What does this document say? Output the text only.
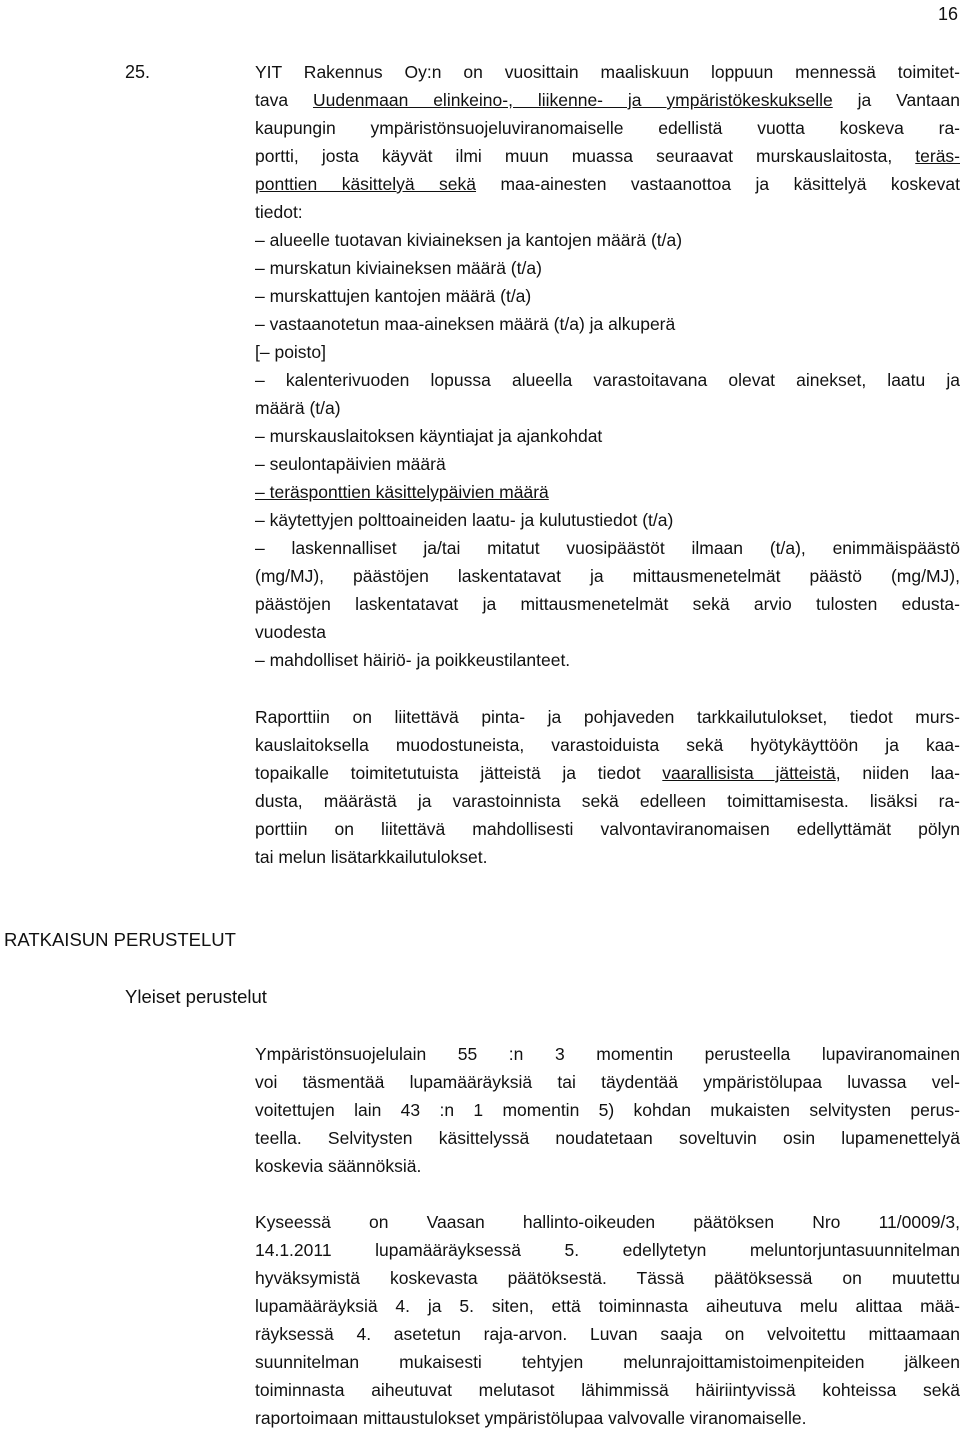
16
25.	YIT Rakennus Oy:n on vuosittain maaliskuun loppuun mennessä toimitet-
tava Uudenmaan elinkeino-, liikenne- ja ympäristökeskukselle ja Vantaan
kaupungin ympäristönsuojeluviranomaiselle edellistä vuotta koskeva ra-
portti, josta käyvät ilmi muun muassa seuraavat murskauslaitosta, teräs-
ponttien käsittelyä sekä maa-ainesten vastaanottoa ja käsittelyä koskevat
tiedot:
– alueelle tuotavan kiviaineksen ja kantojen määrä (t/a)
– murskatun kiviaineksen määrä (t/a)
– murskattujen kantojen määrä (t/a)
– vastaanotetun maa-aineksen määrä (t/a) ja alkuperä
[– poisto]
– kalenterivuoden lopussa alueella varastoitavana olevat ainekset, laatu ja
määrä (t/a)
– murskauslaitoksen käyntiajat ja ajankohdat
– seulontapäivien määrä
– teräsponttien käsittelypäivien määrä
– käytettyjen polttoaineiden laatu- ja kulutustiedot (t/a)
– laskennalliset ja/tai mitatut vuosipäästöt ilmaan (t/a), enimmäispäästö
(mg/MJ), päästöjen laskentatavat ja mittausmenetelmät päästö (mg/MJ),
päästöjen laskentatavat ja mittausmenetelmät sekä arvio tulosten edusta-
vuodesta
– mahdolliset häiriö- ja poikkeustilanteet.
Raporttiin on liitettävä pinta- ja pohjaveden tarkkailutulokset, tiedot murs-
kauslaitoksella muodostuneista, varastoiduista sekä hyötykäyttöön ja kaa-
topaikalle toimitetutuista jätteistä ja tiedot vaarallisista jätteistä, niiden laa-
dusta, määrästä ja varastoinnista sekä edelleen toimittamisesta. lisäksi ra-
porttiin on liitettävä mahdollisesti valvontaviranomaisen edellyttämät pölyn
tai melun lisätarkkailutulokset.
RATKAISUN PERUSTELUT
Yleiset perustelut
Ympäristönsuojelulain 55 :n 3 momentin perusteella lupaviranomainen
voi täsmentää lupamääräyksiä tai täydentää ympäristölupaa luvassa vel-
voitettujen lain 43 :n 1 momentin 5) kohdan mukaisten selvitysten perus-
teella. Selvitysten käsittelyssä noudatetaan soveltuvin osin lupamenettelyä
koskevia säännöksiä.
Kyseessä on Vaasan hallinto-oikeuden päätöksen Nro 11/0009/3,
14.1.2011 lupamääräyksessä 5. edellytetyn meluntorjuntasuunnitelman
hyväksymistä koskevasta päätöksestä. Tässä päätöksessä on muutettu
lupamääräyksiä 4. ja 5. siten, että toiminnasta aiheutuva melu alittaa mää-
räyksessä 4. asetetun raja-arvon. Luvan saaja on velvoitettu mittaamaan
suunnitelman mukaisesti tehtyjen melunrajoittamistoimenpiteiden jälkeen
toiminnasta aiheutuvat melutasot lähimmissä häiriintyvissä kohteissa sekä
raportoimaan mittaustulokset ympäristölupaa valvovalle viranomaiselle.
